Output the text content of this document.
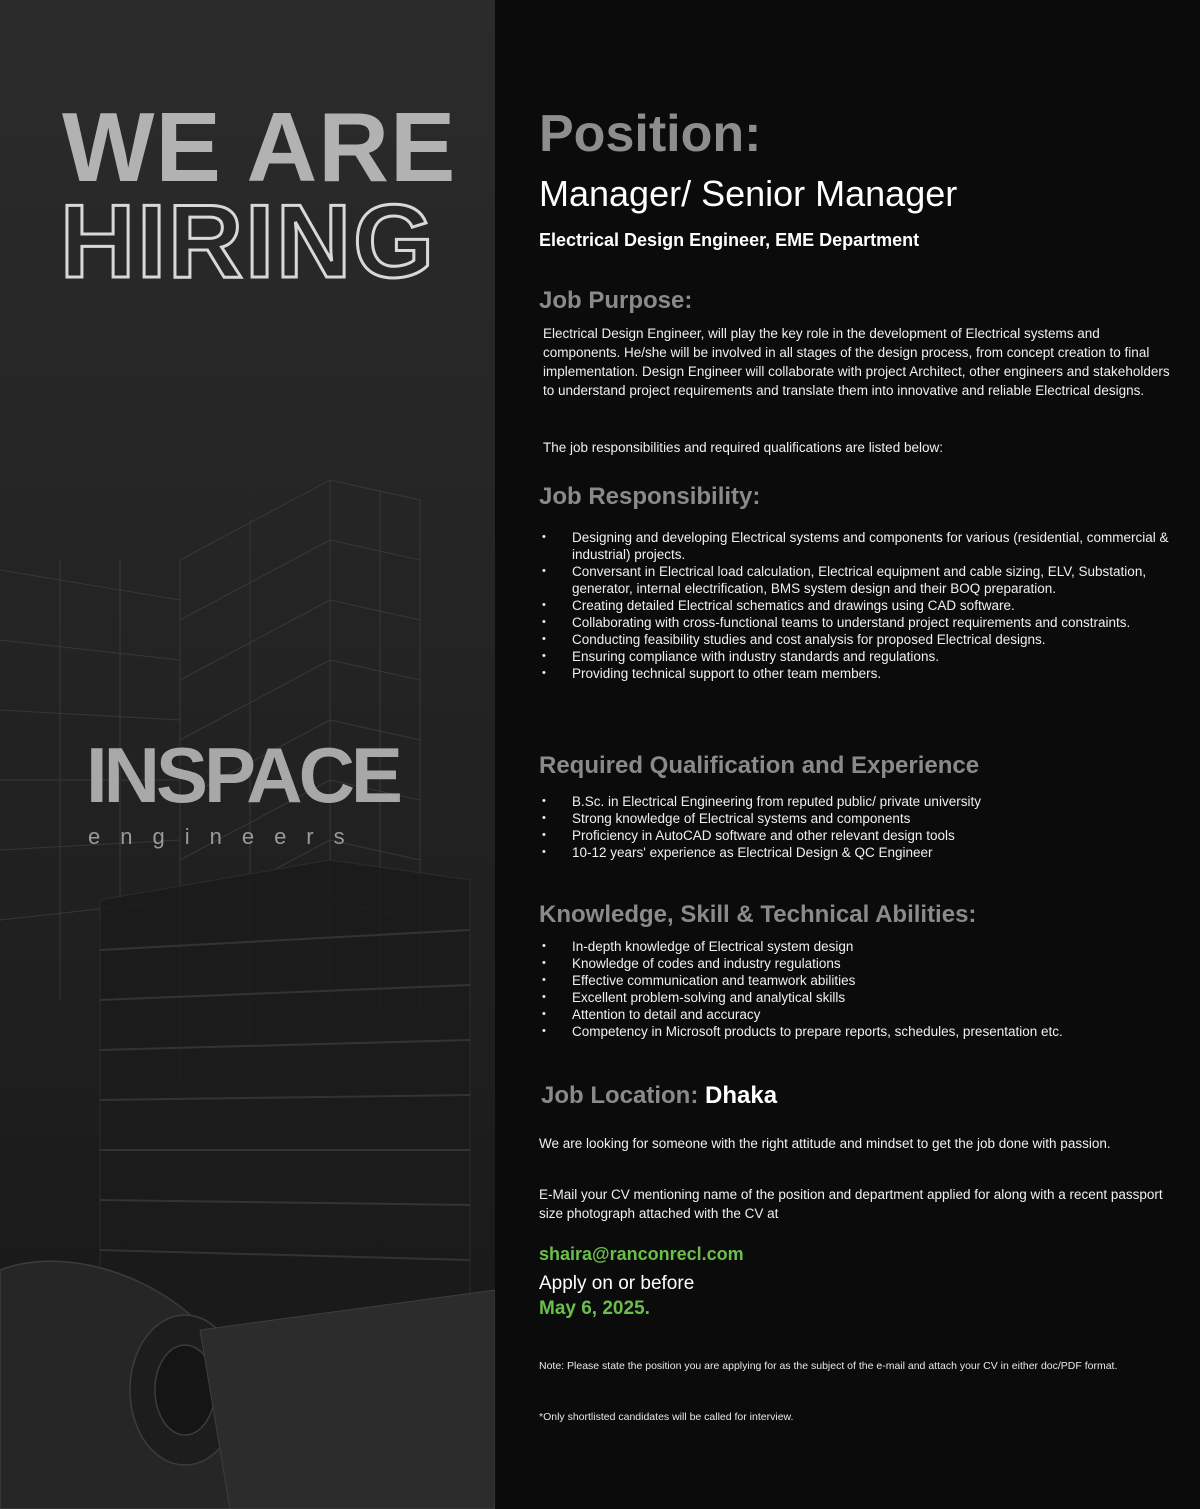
WE ARE
HIRING
INSPACE
engineers
Position:
Manager/ Senior Manager
Electrical Design Engineer, EME Department
Job Purpose:
Electrical Design Engineer, will play the key role in the development of Electrical systems and components. He/she will be involved in all stages of the design process, from concept creation to final implementation. Design Engineer will collaborate with project Architect, other engineers and stakeholders to understand project requirements and translate them into innovative and reliable Electrical designs.
The job responsibilities and required qualifications are listed below:
Job Responsibility:
• Designing and developing Electrical systems and components for various (residential, commercial & industrial) projects.
• Conversant in Electrical load calculation, Electrical equipment and cable sizing, ELV, Substation, generator, internal electrification, BMS system design and their BOQ preparation.
• Creating detailed Electrical schematics and drawings using CAD software.
• Collaborating with cross-functional teams to understand project requirements and constraints.
• Conducting feasibility studies and cost analysis for proposed Electrical designs.
• Ensuring compliance with industry standards and regulations.
• Providing technical support to other team members.
Required Qualification and Experience
• B.Sc. in Electrical Engineering from reputed public/ private university
• Strong knowledge of Electrical systems and components
• Proficiency in AutoCAD software and other relevant design tools
• 10-12 years' experience as Electrical Design & QC Engineer
Knowledge, Skill & Technical Abilities:
• In-depth knowledge of Electrical system design
• Knowledge of codes and industry regulations
• Effective communication and teamwork abilities
• Excellent problem-solving and analytical skills
• Attention to detail and accuracy
• Competency in Microsoft products to prepare reports, schedules, presentation etc.
Job Location: Dhaka
We are looking for someone with the right attitude and mindset to get the job done with passion.
E-Mail your CV mentioning name of the position and department applied for along with a recent passport size photograph attached with the CV at
shaira@ranconrecl.com
Apply on or before
May 6, 2025.
Note: Please state the position you are applying for as the subject of the e-mail and attach your CV in either doc/PDF format.
*Only shortlisted candidates will be called for interview.
